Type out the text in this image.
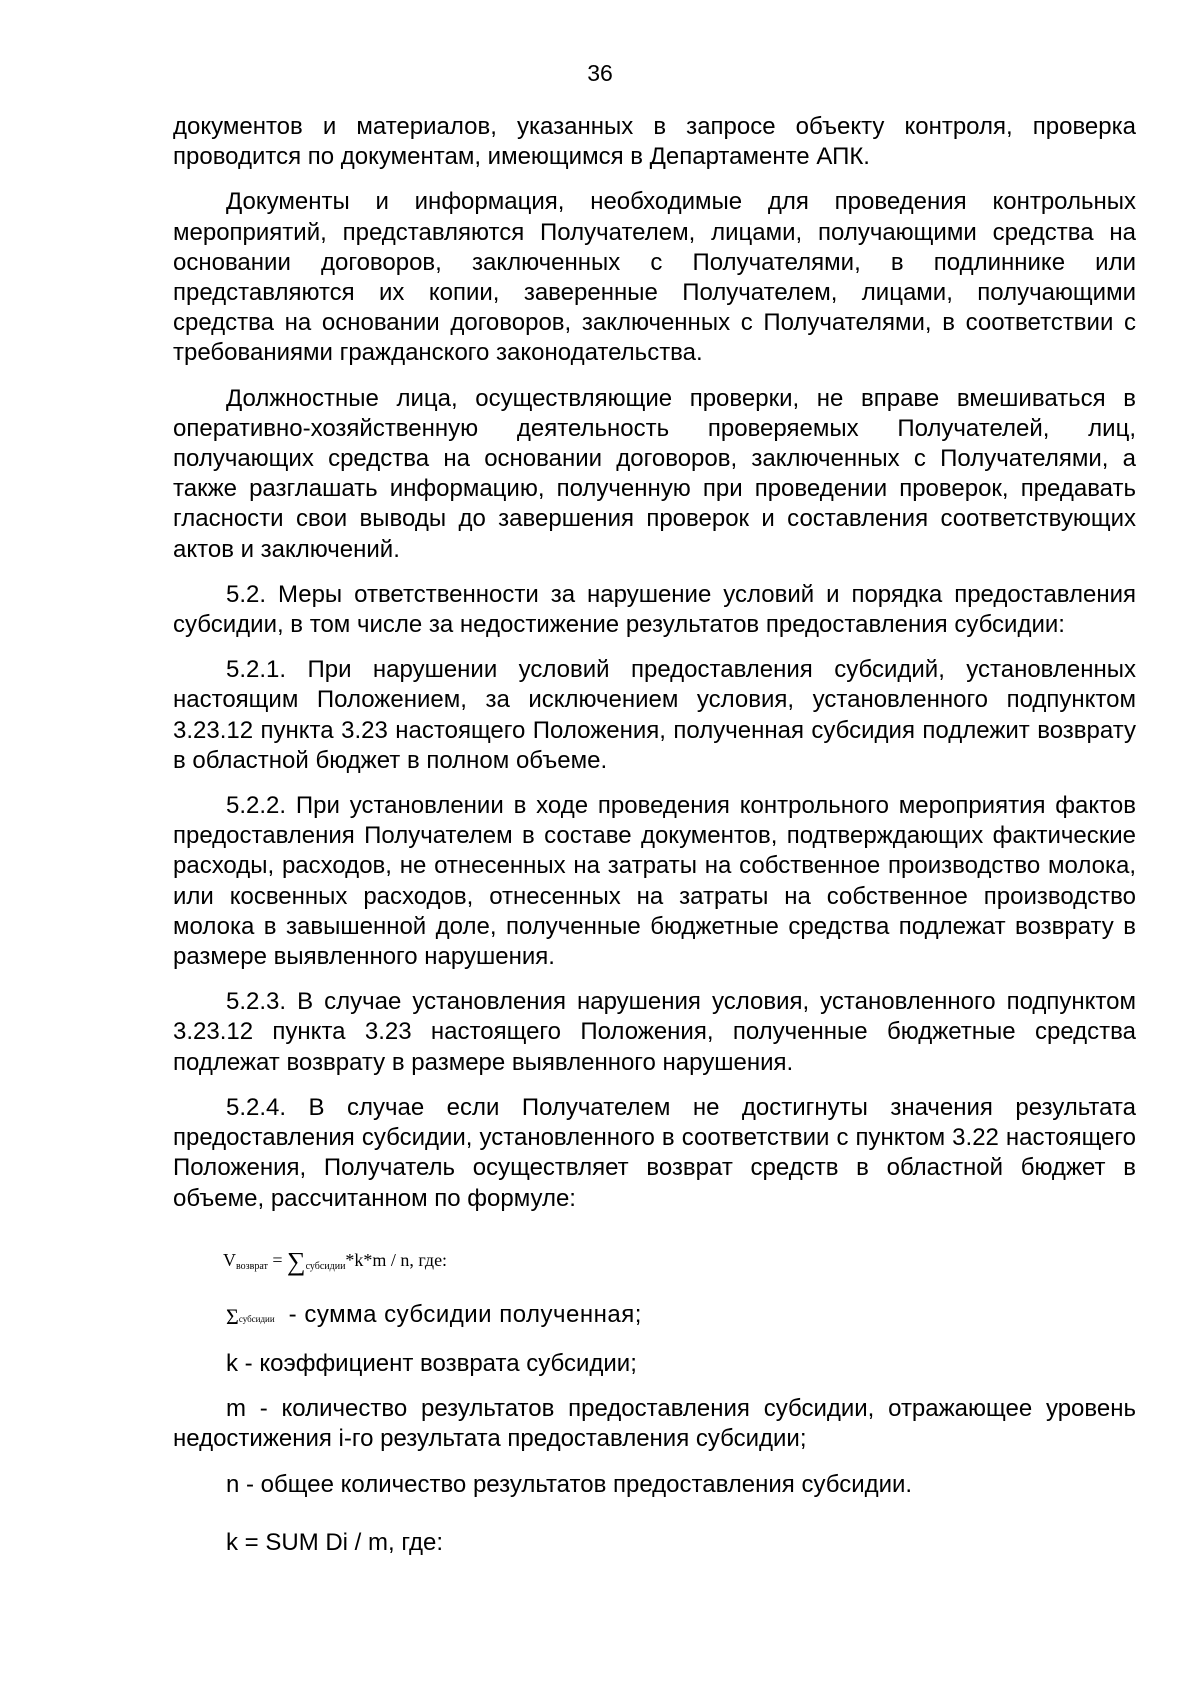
36

документов и материалов, указанных в запросе объекту контроля, проверка проводится по документам, имеющимся в Департаменте АПК.

Документы и информация, необходимые для проведения контрольных мероприятий, представляются Получателем, лицами, получающими средства на основании договоров, заключенных с Получателями, в подлиннике или представляются их копии, заверенные Получателем, лицами, получающими средства на основании договоров, заключенных с Получателями, в соответствии с требованиями гражданского законодательства.

Должностные лица, осуществляющие проверки, не вправе вмешиваться в оперативно-хозяйственную деятельность проверяемых Получателей, лиц, получающих средства на основании договоров, заключенных с Получателями, а также разглашать информацию, полученную при проведении проверок, предавать гласности свои выводы до завершения проверок и составления соответствующих актов и заключений.

5.2. Меры ответственности за нарушение условий и порядка предоставления субсидии, в том числе за недостижение результатов предоставления субсидии:

5.2.1. При нарушении условий предоставления субсидий, установленных настоящим Положением, за исключением условия, установленного подпунктом 3.23.12 пункта 3.23 настоящего Положения, полученная субсидия подлежит возврату в областной бюджет в полном объеме.

5.2.2. При установлении в ходе проведения контрольного мероприятия фактов предоставления Получателем в составе документов, подтверждающих фактические расходы, расходов, не отнесенных на затраты на собственное производство молока, или косвенных расходов, отнесенных на затраты на собственное производство молока в завышенной доле, полученные бюджетные средства подлежат возврату в размере выявленного нарушения.

5.2.3. В случае установления нарушения условия, установленного подпунктом 3.23.12 пункта 3.23 настоящего Положения, полученные бюджетные средства подлежат возврату в размере выявленного нарушения.

5.2.4. В случае если Получателем не достигнуты значения результата предоставления субсидии, установленного в соответствии с пунктом 3.22 настоящего Положения, Получатель осуществляет возврат средств в областной бюджет в объеме, рассчитанном по формуле:

$V_{возврат} = \sum_{субсидии}*k*m / n$, где:
Σсубсидии - сумма субсидии полученная;

k - коэффициент возврата субсидии;

m - количество результатов предоставления субсидии, отражающее уровень недостижения i-го результата предоставления субсидии;

n - общее количество результатов предоставления субсидии.

k = SUM Di / m, где:
